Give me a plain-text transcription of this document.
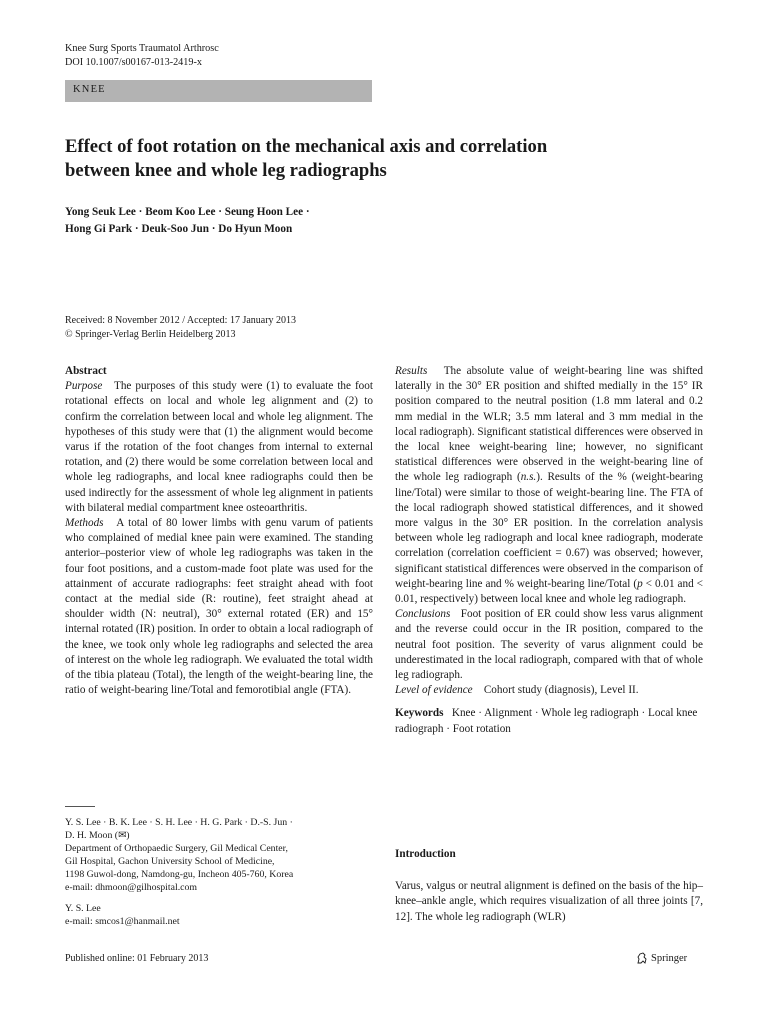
Knee Surg Sports Traumatol Arthrosc
DOI 10.1007/s00167-013-2419-x
KNEE
Effect of foot rotation on the mechanical axis and correlation
between knee and whole leg radiographs
Yong Seuk Lee · Beom Koo Lee · Seung Hoon Lee ·
Hong Gi Park · Deuk-Soo Jun · Do Hyun Moon
Received: 8 November 2012 / Accepted: 17 January 2013
© Springer-Verlag Berlin Heidelberg 2013

Abstract

Purpose The purposes of this study were (1) to evaluate the foot rotational effects on local and whole leg alignment and (2) to confirm the correlation between local and whole leg alignment. The hypotheses of this study were that (1) the alignment would become varus if the rotation of the foot changes from internal to external rotation, and (2) there would be some correlation between local and whole leg radiographs, and local knee radiographs could then be used indirectly for the assessment of whole leg alignment in patients with bilateral medial compartment knee osteoarthritis.

Methods A total of 80 lower limbs with genu varum of patients who complained of medial knee pain were examined. The standing anterior–posterior view of whole leg radiographs was taken in the four foot positions, and a custom-made foot plate was used for the attainment of accurate radiographs: feet straight ahead with foot contact at the medial side (R: routine), feet straight ahead at shoulder width (N: neutral), 30° external rotated (ER) and 15° internal rotated (IR) position. In order to obtain a local radiograph of the knee, we took only whole leg radiographs and selected the area of interest on the whole leg radiograph. We evaluated the total width of the tibia plateau (Total), the length of the weight-bearing line, the ratio of weight-bearing line/Total and femorotibial angle (FTA).

Results The absolute value of weight-bearing line was shifted laterally in the 30° ER position and shifted medially in the 15° IR position compared to the neutral position (1.8 mm lateral and 0.2 mm medial in the WLR; 3.5 mm lateral and 3 mm medial in the local radiograph). Significant statistical differences were observed in the local knee weight-bearing line; however, no significant statistical differences were observed in the weight-bearing line of the whole leg radiograph (n.s.). Results of the % (weight-bearing line/Total) were similar to those of weight-bearing line. The FTA of the local radiograph showed statistical differences, and it showed more valgus in the 30° ER position. In the correlation analysis between whole leg radiograph and local knee radiograph, moderate correlation (correlation coefficient = 0.67) was observed; however, significant statistical differences were observed in the comparison of weight-bearing line and % weight-bearing line/Total (p < 0.01 and < 0.01, respectively) between local knee and whole leg radiograph.

Conclusions Foot position of ER could show less varus alignment and the reverse could occur in the IR position, compared to the neutral foot position. The severity of varus alignment could be underestimated in the local radiograph, compared with that of whole leg radiograph.

Level of evidence Cohort study (diagnosis), Level II.

Keywords Knee · Alignment · Whole leg radiograph · Local knee radiograph · Foot rotation

Y. S. Lee · B. K. Lee · S. H. Lee · H. G. Park · D.-S. Jun ·

D. H. Moon (✉)

Department of Orthopaedic Surgery, Gil Medical Center,

Gil Hospital, Gachon University School of Medicine,

1198 Guwol-dong, Namdong-gu, Incheon 405-760, Korea

e-mail: dhmoon@gilhospital.com

Y. S. Lee

e-mail: smcos1@hanmail.net

Introduction

Varus, valgus or neutral alignment is defined on the basis of the hip–knee–ankle angle, which requires visualization of all three joints [7, 12]. The whole leg radiograph (WLR)

Published online: 01 February 2013	Springer
